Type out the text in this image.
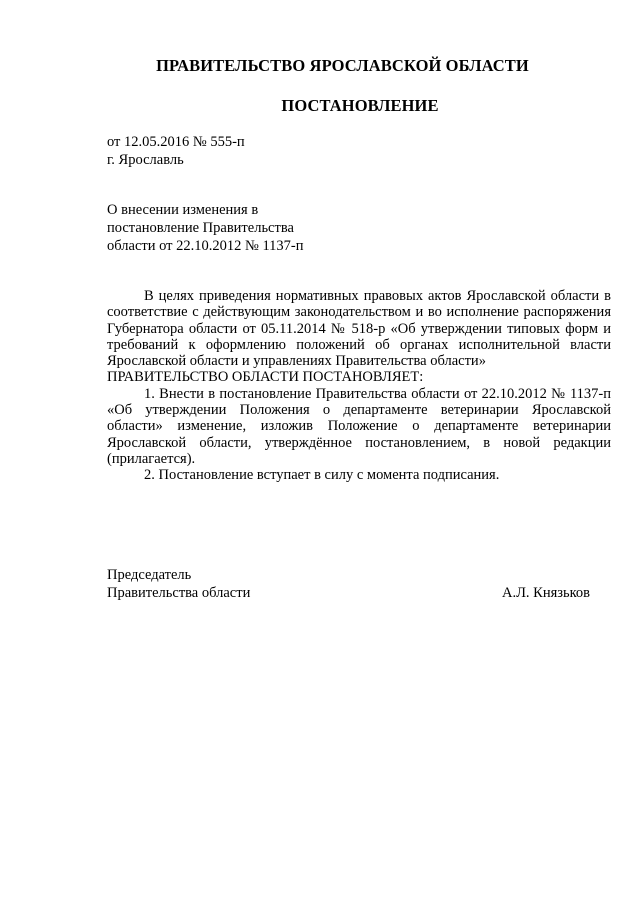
ПРАВИТЕЛЬСТВО ЯРОСЛАВСКОЙ ОБЛАСТИ
ПОСТАНОВЛЕНИЕ
от 12.05.2016 № 555-п
г. Ярославль
О внесении изменения в
постановление Правительства
области от 22.10.2012 № 1137-п

В целях приведения нормативных правовых актов Ярославской области в соответствие с действующим законодательством и во исполнение распоряжения Губернатора области от 05.11.2014 № 518-р «Об утверждении типовых форм и требований к оформлению положений об органах исполнительной власти Ярославской области и управлениях Правительства области»

ПРАВИТЕЛЬСТВО ОБЛАСТИ ПОСТАНОВЛЯЕТ:

1. Внести в постановление Правительства области от 22.10.2012 № 1137-п «Об утверждении Положения о департаменте ветеринарии Ярославской области» изменение, изложив Положение о департаменте ветеринарии Ярославской области, утверждённое постановлением, в новой редакции (прилагается).

2. Постановление вступает в силу с момента подписания.

Председатель
Правительства области	А.Л. Князьков
